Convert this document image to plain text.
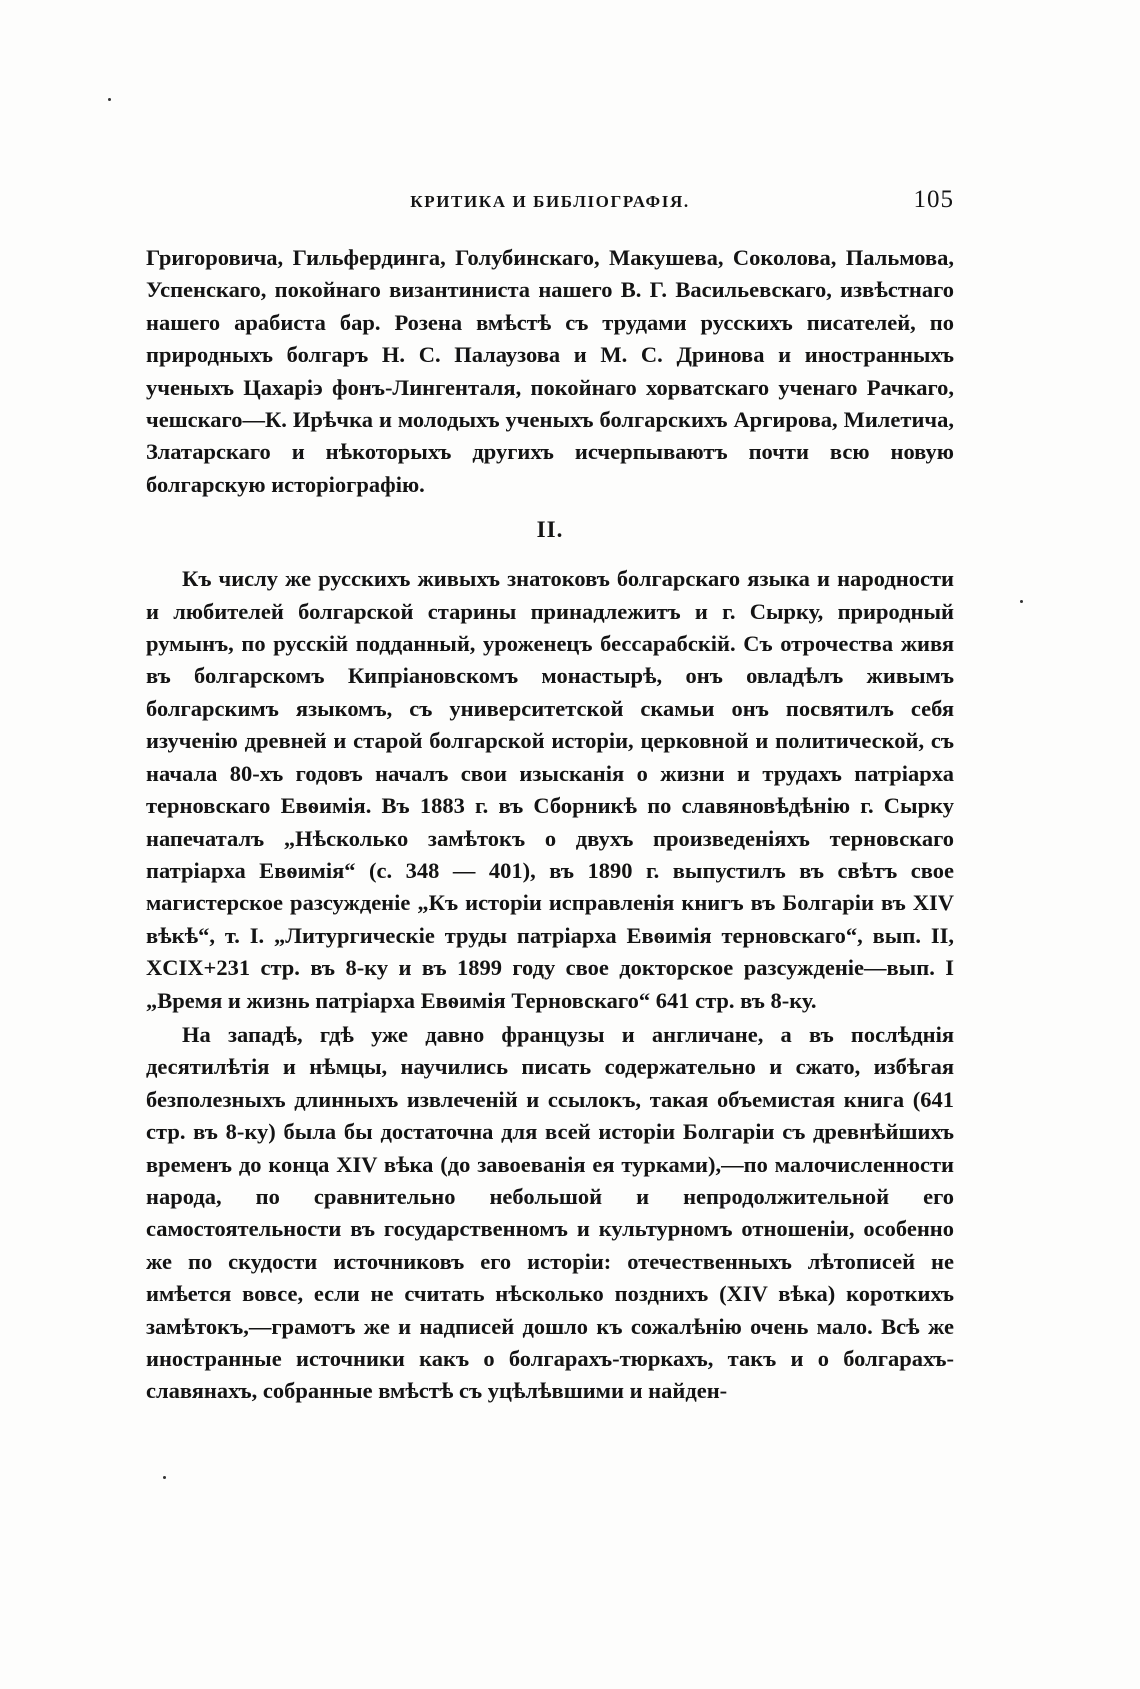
КРИТИКА И БИБЛІОГРАФІЯ.	105

Григоровича, Гильфердинга, Голубинскаго, Макушева, Соколова, Пальмова, Успенскаго, покойнаго византиниста нашего В. Г. Васильевскаго, извѣстнаго нашего арабиста бар. Розена вмѣстѣ съ трудами русскихъ писателей, по природныхъ болгаръ Н. С. Палаузова и М. С. Дринова и иностранныхъ ученыхъ Цахаріэ фонъ-Лингенталя, покойнаго хорватскаго ученаго Рачкаго, чешскаго—К. Ирѣчка и молодыхъ ученыхъ болгарскихъ Аргирова, Милетича, Златарскаго и нѣкоторыхъ другихъ исчерпываютъ почти всю новую болгарскую исторіографію.

II.

Къ числу же русскихъ живыхъ знатоковъ болгарскаго языка и народности и любителей болгарской старины принадлежитъ и г. Сырку, природный румынъ, по русскій подданный, уроженецъ бессарабскій. Съ отрочества живя въ болгарскомъ Кипріановскомъ монастырѣ, онъ овладѣлъ живымъ болгарскимъ языкомъ, съ университетской скамьи онъ посвятилъ себя изученію древней и старой болгарской исторіи, церковной и политической, съ начала 80-хъ годовъ началъ свои изысканія о жизни и трудахъ патріарха терновскаго Евѳимія. Въ 1883 г. въ Сборникѣ по славяновѣдѣнію г. Сырку напечаталъ „Нѣсколько замѣтокъ о двухъ произведеніяхъ терновскаго патріарха Евѳимія“ (с. 348 — 401), въ 1890 г. выпустилъ въ свѣтъ свое магистерское разсужденіе „Къ исторіи исправленія книгъ въ Болгаріи въ XIV вѣкѣ“, т. I. „Литургическіе труды патріарха Евѳимія терновскаго“, вып. II, XCIX+231 стр. въ 8-ку и въ 1899 году свое докторское разсужденіе—вып. I „Время и жизнь патріарха Евѳимія Терновскаго“ 641 стр. въ 8-ку.

На западѣ, гдѣ уже давно французы и англичане, а въ послѣднія десятилѣтія и нѣмцы, научились писать содержательно и сжато, избѣгая безполезныхъ длинныхъ извлеченій и ссылокъ, такая объемистая книга (641 стр. въ 8-ку) была бы достаточна для всей исторіи Болгаріи съ древнѣйшихъ временъ до конца XIV вѣка (до завоеванія ея турками),—по малочисленности народа, по сравнительно небольшой и непродолжительной его самостоятельности въ государственномъ и культурномъ отношеніи, особенно же по скудости источниковъ его исторіи: отечественныхъ лѣтописей не имѣется вовсе, если не считать нѣсколько позднихъ (XIV вѣка) короткихъ замѣтокъ,—грамотъ же и надписей дошло къ сожалѣнію очень мало. Всѣ же иностранные источники какъ о болгарахъ-тюркахъ, такъ и о болгарахъ-славянахъ, собранные вмѣстѣ съ уцѣлѣвшими и найден-
